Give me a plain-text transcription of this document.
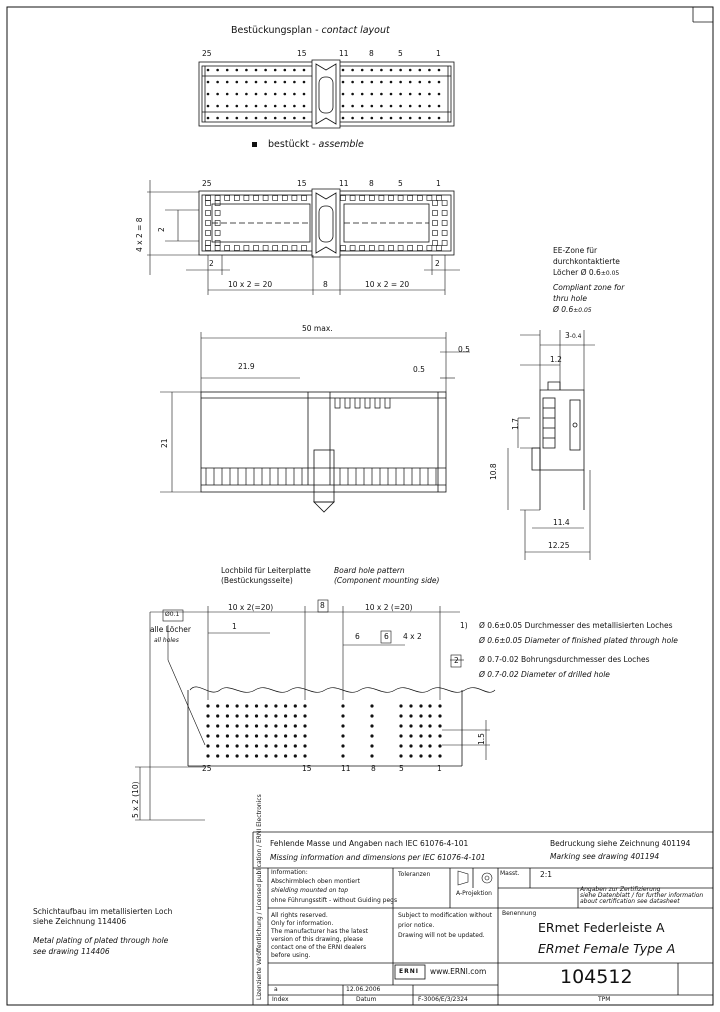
Bestückungsplan - contact layout
25	15	11	8	5	1
bestückt - assemble
25	15	11	8	5	1
4 x 2 = 8 2
2	2
10 x 2 = 20	8	10 x 2 = 20
EE-Zone für
durchkontaktierte
Löcher Ø 0.6±0.05
Compliant zone for
thru hole
Ø 0.6±0.05
50 max.
21.9
0.5
0.5
21
3-0.4
1.2
1.7
10.8
11.4
12.25
Lochbild für Leiterplatte
(Bestückungsseite)
Board hole pattern
(Component mounting side)
10 x 2(=20)	8	10 x 2 (=20)
Ø0.1
alle Löcher
all holes
1
6	6 4 x 2
2
1.5
5 x 2 (10)
25	15	11	8	5	1
1) Ø 0.6±0.05 Durchmesser des metallisierten Loches
Ø 0.6±0.05 Diameter of finished plated through hole
Ø 0.7-0.02 Bohrungsdurchmesser des Loches
Ø 0.7-0.02 Diameter of drilled hole
Fehlende Masse und Angaben nach IEC 61076-4-101
Missing information and dimensions per IEC 61076-4-101
Bedruckung siehe Zeichnung 401194
Marking see drawing 401194
Schichtaufbau im metallisierten Loch
siehe Zeichnung 114406
Metal plating of plated through hole
see drawing 114406
Information:
Abschirmblech oben montiert
shielding mounted on top
ohne Führungsstift - without Guiding pegs
All rights reserved.
Only for information.
The manufacturer has the latest
version of this drawing, please
contact one of the ERNI dealers
before using.
Subject to modification without
prior notice.
Drawing will not be updated.
Toleranzen	Masst.	2:1
A-Projektion
Angaben zur Zertifizierung
siehe Datenblatt / for further information
about certification see datasheet
Benennung
ERmet Federleiste A
ERmet Female Type A
ERNI www.ERNI.com	104512
TPM
a	12.06.2006
Index	Datum	F-3006/E/3/2324
Lizenzierte Veröffentlichung / Licensed publication / ERNI Electronics
